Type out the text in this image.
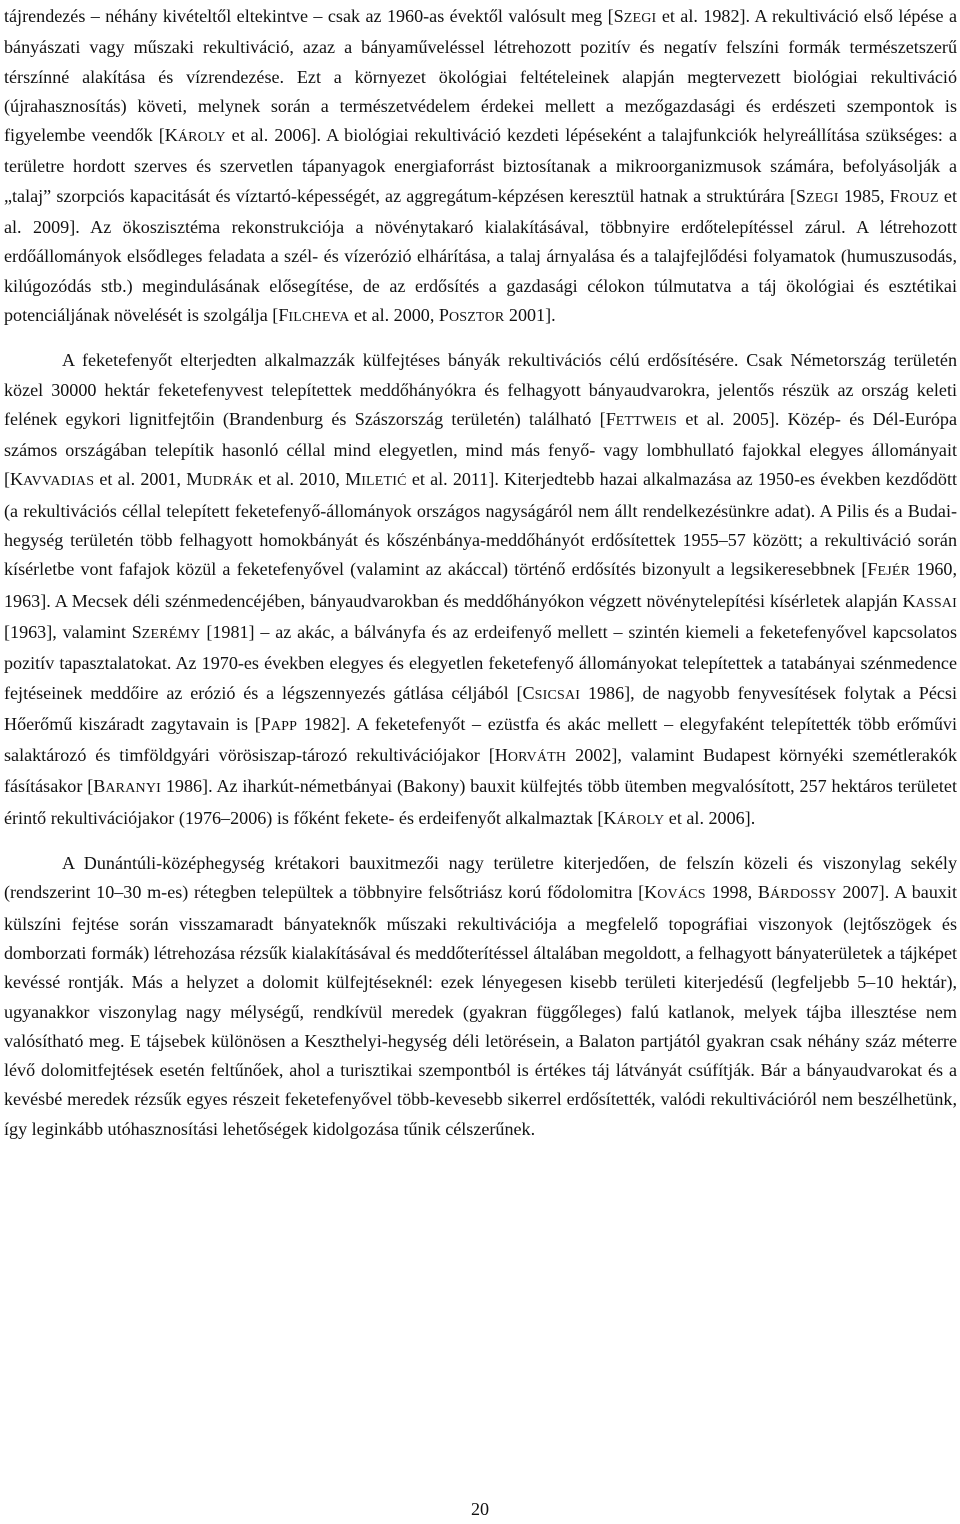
tájrendezés – néhány kivételtől eltekintve – csak az 1960-as évektől valósult meg [SZEGI et al. 1982]. A rekultiváció első lépése a bányászati vagy műszaki rekultiváció, azaz a bányaműveléssel létrehozott pozitív és negatív felszíni formák természetszerű térszínné alakítása és vízrendezése. Ezt a környezet ökológiai feltételeinek alapján megtervezett biológiai rekultiváció (újrahasznosítás) követi, melynek során a természetvédelem érdekei mellett a mezőgazdasági és erdészeti szempontok is figyelembe veendők [KÁROLY et al. 2006]. A biológiai rekultiváció kezdeti lépéseként a talajfunkciók helyreállítása szükséges: a területre hordott szerves és szervetlen tápanyagok energiaforrást biztosítanak a mikroorganizmusok számára, befolyásolják a „talaj” szorpciós kapacitását és víztartó-képességét, az aggregátum-képzésen keresztül hatnak a struktúrára [SZEGI 1985, FROUZ et al. 2009]. Az ökoszisztéma rekonstrukciója a növénytakaró kialakításával, többnyire erdőtelepítéssel zárul. A létrehozott erdőállományok elsődleges feladata a szél- és vízerózió elhárítása, a talaj árnyalása és a talajfejlődési folyamatok (humuszusodás, kilúgozódás stb.) megindulásának elősegítése, de az erdősítés a gazdasági célokon túlmutatva a táj ökológiai és esztétikai potenciáljának növelését is szolgálja [FILCHEVA et al. 2000, POSZTOR 2001].

A feketefenyőt elterjedten alkalmazzák külfejtéses bányák rekultivációs célú erdősítésére. Csak Németország területén közel 30000 hektár feketefenyvest telepítettek meddőhányókra és felhagyott bányaudvarokra, jelentős részük az ország keleti felének egykori lignitfejtőin (Brandenburg és Szászország területén) található [FETTWEIS et al. 2005]. Közép- és Dél-Európa számos országában telepítik hasonló céllal mind elegyetlen, mind más fenyő- vagy lombhullató fajokkal elegyes állományait [KAVVADIAS et al. 2001, MUDRÁK et al. 2010, MILETIĆ et al. 2011]. Kiterjedtebb hazai alkalmazása az 1950-es években kezdődött (a rekultivációs céllal telepített feketefenyő-állományok országos nagyságáról nem állt rendelkezésünkre adat). A Pilis és a Budai-hegység területén több felhagyott homokbányát és kőszénbánya-meddőhányót erdősítettek 1955–57 között; a rekultiváció során kísérletbe vont fafajok közül a feketefenyővel (valamint az akáccal) történő erdősítés bizonyult a legsikeresebbnek [FEJÉR 1960, 1963]. A Mecsek déli szénmedencéjében, bányaudvarokban és meddőhányókon végzett növénytelepítési kísérletek alapján KASSAI [1963], valamint SZERÉMY [1981] – az akác, a bálványfa és az erdeifenyő mellett – szintén kiemeli a feketefenyővel kapcsolatos pozitív tapasztalatokat. Az 1970-es években elegyes és elegyetlen feketefenyő állományokat telepítettek a tatabányai szénmedence fejtéseinek meddőire az erózió és a légszennyezés gátlása céljából [CSICSAI 1986], de nagyobb fenyvesítések folytak a Pécsi Hőerőmű kiszáradt zagytavain is [PAPP 1982]. A feketefenyőt – ezüstfa és akác mellett – elegyfaként telepítették több erőművi salaktározó és timföldgyári vörösiszap-tározó rekultivációjakor [HORVÁTH 2002], valamint Budapest környéki szemétlerakók fásításakor [BARANYI 1986]. Az iharkút-németbányai (Bakony) bauxit külfejtés több ütemben megvalósított, 257 hektáros területet érintő rekultivációjakor (1976–2006) is főként fekete- és erdeifenyőt alkalmaztak [KÁROLY et al. 2006].

A Dunántúli-középhegység krétakori bauxitmezői nagy területre kiterjedően, de felszín közeli és viszonylag sekély (rendszerint 10–30 m-es) rétegben települtek a többnyire felsőtriász korú fődolomitra [KOVÁCS 1998, BÁRDOSSY 2007]. A bauxit külszíni fejtése során visszamaradt bányateknők műszaki rekultivációja a megfelelő topográfiai viszonyok (lejtőszögek és domborzati formák) létrehozása rézsűk kialakításával és meddőterítéssel általában megoldott, a felhagyott bányaterületek a tájképet kevéssé rontják. Más a helyzet a dolomit külfejtéseknél: ezek lényegesen kisebb területi kiterjedésű (legfeljebb 5–10 hektár), ugyanakkor viszonylag nagy mélységű, rendkívül meredek (gyakran függőleges) falú katlanok, melyek tájba illesztése nem valósítható meg. E tájsebek különösen a Keszthelyi-hegység déli letörésein, a Balaton partjától gyakran csak néhány száz méterre lévő dolomitfejtések esetén feltűnőek, ahol a turisztikai szempontból is értékes táj látványát csúfítják. Bár a bányaudvarokat és a kevésbé meredek rézsűk egyes részeit feketefenyővel több-kevesebb sikerrel erdősítették, valódi rekultivációról nem beszélhetünk, így leginkább utóhasznosítási lehetőségek kidolgozása tűnik célszerűnek.

20
